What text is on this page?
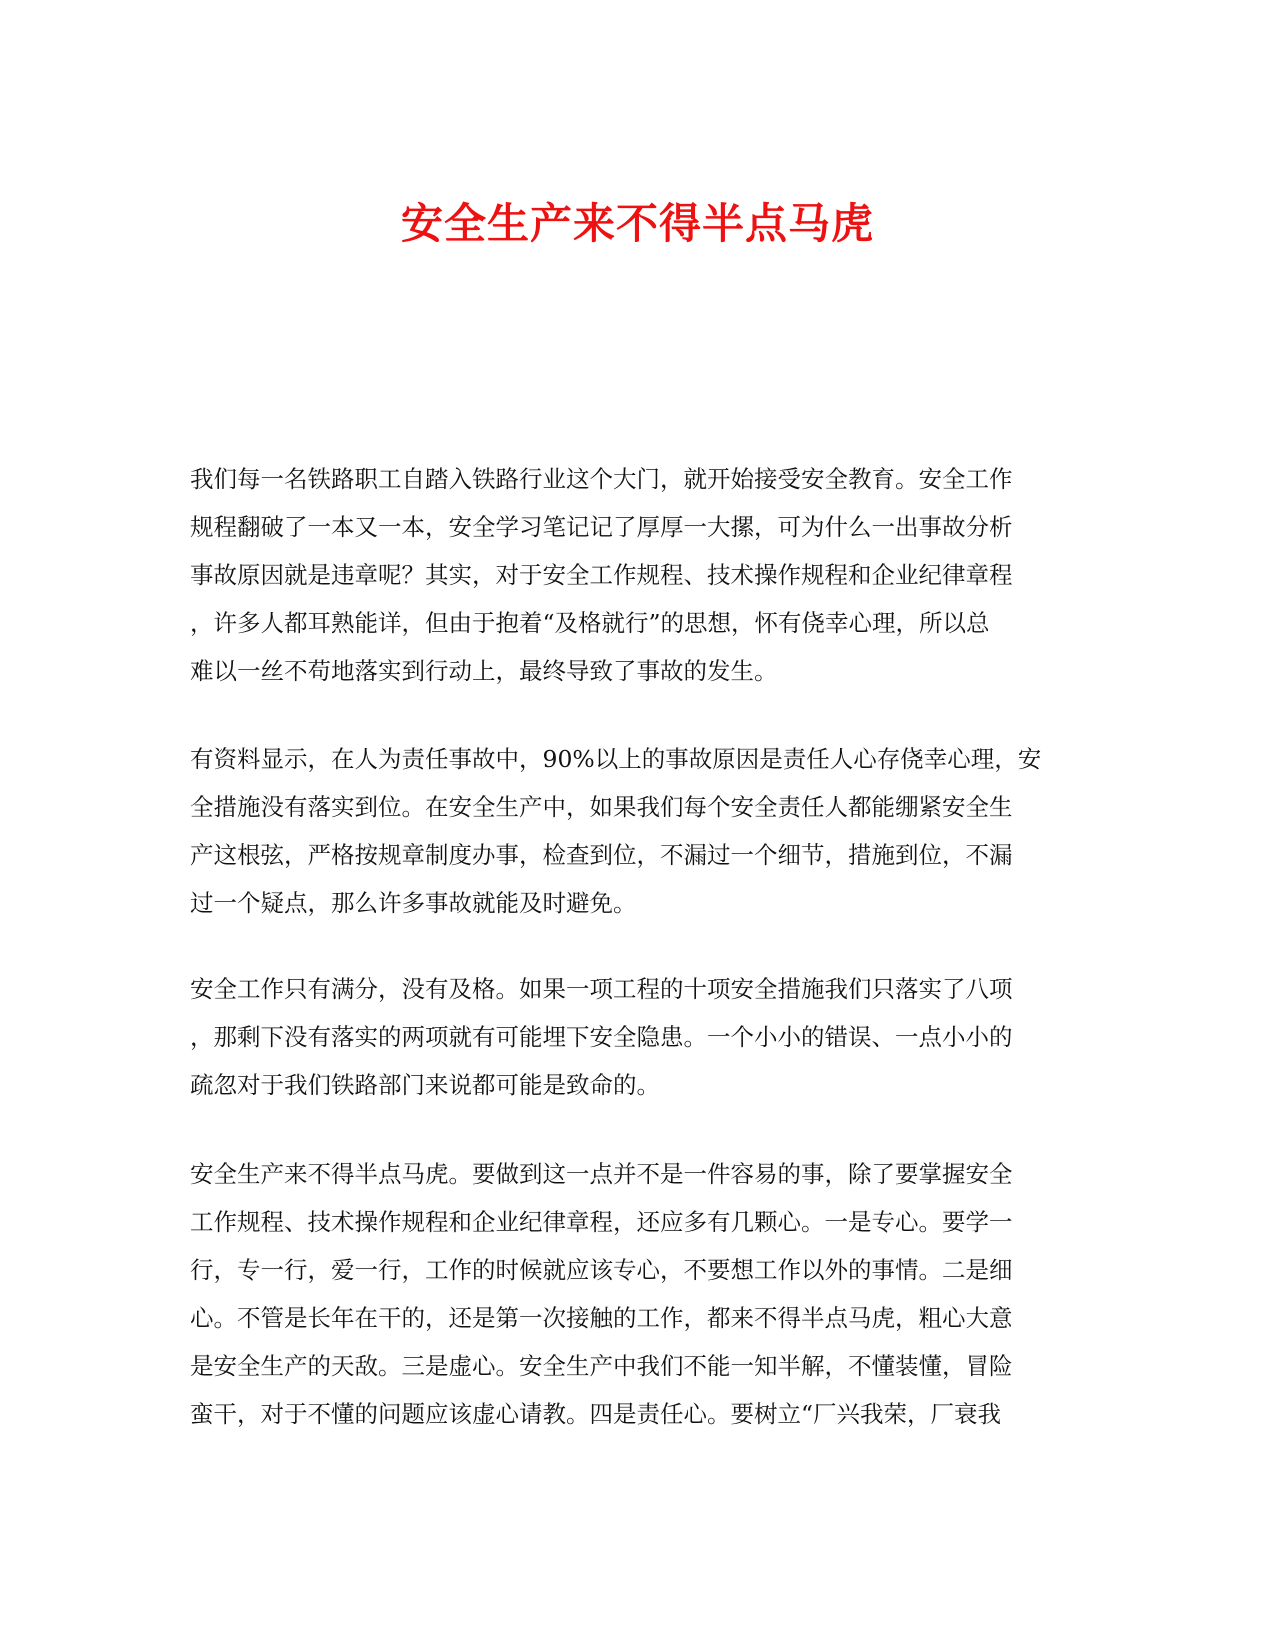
安全生产来不得半点马虎
我们每一名铁路职工自踏入铁路行业这个大门，就开始接受安全教育。安全工作
规程翻破了一本又一本，安全学习笔记记了厚厚一大摞，可为什么一出事故分析
事故原因就是违章呢？其实，对于安全工作规程、技术操作规程和企业纪律章程
，许多人都耳熟能详，但由于抱着“及格就行”的思想，怀有侥幸心理，所以总
难以一丝不苟地落实到行动上，最终导致了事故的发生。
有资料显示，在人为责任事故中，90%以上的事故原因是责任人心存侥幸心理，安
全措施没有落实到位。在安全生产中，如果我们每个安全责任人都能绷紧安全生
产这根弦，严格按规章制度办事，检查到位，不漏过一个细节，措施到位，不漏
过一个疑点，那么许多事故就能及时避免。
安全工作只有满分，没有及格。如果一项工程的十项安全措施我们只落实了八项
，那剩下没有落实的两项就有可能埋下安全隐患。一个小小的错误、一点小小的
疏忽对于我们铁路部门来说都可能是致命的。
安全生产来不得半点马虎。要做到这一点并不是一件容易的事，除了要掌握安全
工作规程、技术操作规程和企业纪律章程，还应多有几颗心。一是专心。要学一
行，专一行，爱一行，工作的时候就应该专心，不要想工作以外的事情。二是细
心。不管是长年在干的，还是第一次接触的工作，都来不得半点马虎，粗心大意
是安全生产的天敌。三是虚心。安全生产中我们不能一知半解，不懂装懂，冒险
蛮干，对于不懂的问题应该虚心请教。四是责任心。要树立“厂兴我荣，厂衰我
